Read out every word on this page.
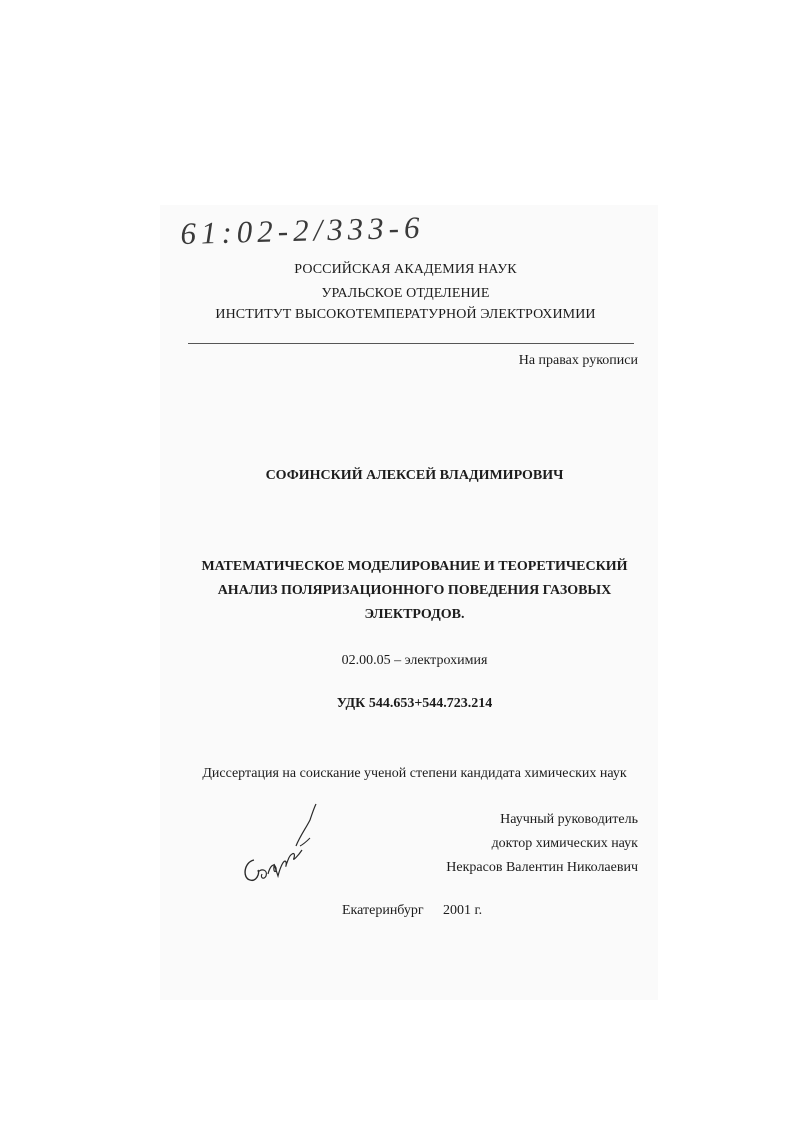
61:02-2/333-6
РОССИЙСКАЯ АКАДЕМИЯ НАУК
УРАЛЬСКОЕ ОТДЕЛЕНИЕ
ИНСТИТУТ ВЫСОКОТЕМПЕРАТУРНОЙ ЭЛЕКТРОХИМИИ
На правах рукописи
СОФИНСКИЙ АЛЕКСЕЙ ВЛАДИМИРОВИЧ
МАТЕМАТИЧЕСКОЕ МОДЕЛИРОВАНИЕ И ТЕОРЕТИЧЕСКИЙ
АНАЛИЗ ПОЛЯРИЗАЦИОННОГО ПОВЕДЕНИЯ ГАЗОВЫХ
ЭЛЕКТРОДОВ.
02.00.05 – электрохимия
УДК 544.653+544.723.214
Диссертация на соискание ученой степени кандидата химических наук
Научный руководитель
доктор химических наук
Некрасов Валентин Николаевич
Екатеринбург 2001 г.
